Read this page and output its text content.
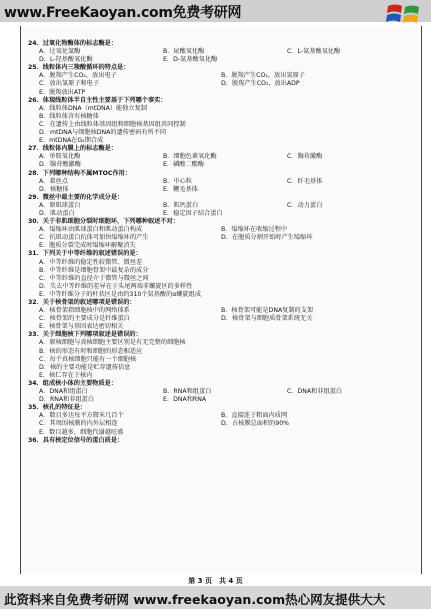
www.FreeKaoyan.com免费考研网
24．过氧化物酶体的标志酶是：
A．过氧化氢酶	B．尿酸氧化酶	C．L-氨基酸氧化酶
D．L-羟基酸氧化酶	E．D-氨基酸氧化酶
25．线粒体内三羧酸循环的特点是：
A．脱羧产生CO₂，放出电子	B．脱羧产生CO₂，放出氢原子
C．放出氢原子和电子	D．脱羧产生CO₂，放出ADP
E．脱羧放出ATP
26．体现线粒体半自主性主要基于下列哪个事实：
A．线粒体DNA（mtDNA）能独立复制
B．线粒体含有核糖体
C．在遗传上由线粒体基因组和细胞核基因组共同控制
D．mtDNA与细胞核DNA的遗传密码有所不同
E．mtDNA在G₂期合成
27．线粒体内膜上的标志酶是：
A．单胺氧化酶	B．细胞色素氧化酶	C．胸苷激酶
D．腺苷酸激酶	E．磷酸二酯酶
28．下列哪种结构不属MTOC作用：
A．着丝点	B．中心粒	C．纤毛基体
D．核糖体	E．鞭毛基体
29．微丝中最主要的化学成分是：
A．原肌球蛋白	B．肌钙蛋白	C．动力蛋白
D．肌动蛋白	E．稳定因子结合蛋白
30．关于非肌细胞分裂时细胞环，下列哪种叙述不对：
A．缢缩环由肌球蛋白和肌动蛋白构成	B．缢缩环在收缩过程中
C．抗肌动蛋白抗体可加快缢缩环的产生	D．在胞质分割开始时产生缢缩环
E．胞质分裂完成时缢缩环解聚消失
31．下列关于中等纤维的叙述错误的是：
A．中等纤维的稳定性较微管、微丝差
B．中等纤维是细胞骨架中最复杂的成分
C．中等纤维的直径介于微管与微丝之间
D．失去中等纤维的差异在于头尾两端非螺旋区的多样性
E．中等纤维分子的杆状区是由约310个氨基酸的α螺旋组成
32．关于核骨架的叙述哪项是错误的：
A．核骨架指细胞核中的网络体系	B．核骨架可能是DNA复制的支架
C．核骨架的主要成分是纤维蛋白	D．核骨架与细胞质骨架系统无关
E．核骨架与基因表达密切相关
33．关于细胞核下列哪项叙述是错误的：
A．原核细胞与真核细胞主要区别是有无完整的细胞核
B．核的形态有时和细胞的形态相适应
C．每个真核细胞只能有一个细胞核
D．核的主要功能是贮存遗传信息
E．核仁存在于核内
34．组成核小体的主要物质是：
A．DNA和组蛋白	B．RNA和组蛋白	C．DNA和非组蛋白
D．RNA和非组蛋白	E．DNA和RNA
35．核孔的特征是：
A．数目多达每平方微米几百个	B．直接连于粗面内质网
C．其周围核膜的内外层相连	D．占核膜总面积的90%
E．数目越多，细胞代谢越旺盛
36．具有核定位信号的蛋白质是：
第 3 页　共 4 页
此资料来自免费考研网 www.freekaoyan.com热心网友提供大大
